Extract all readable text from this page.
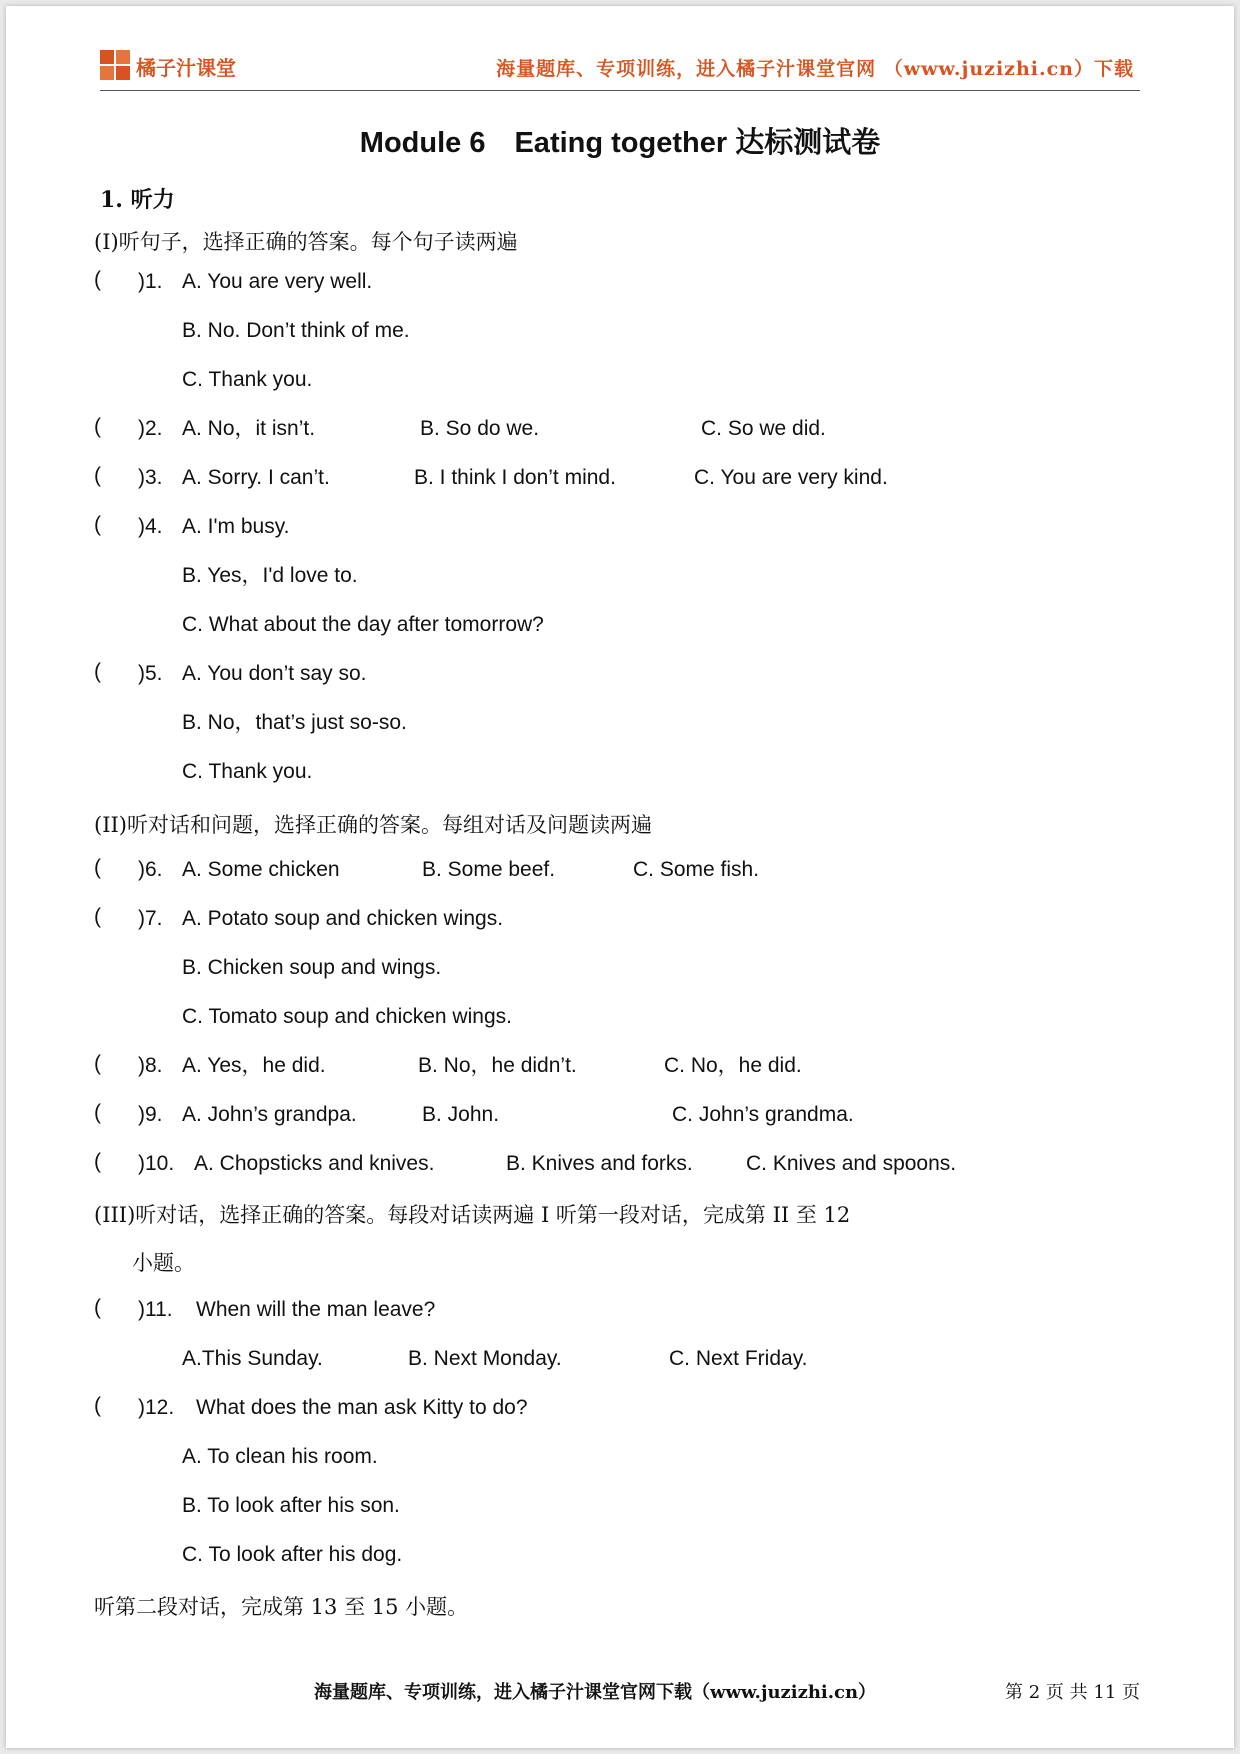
橘子汁课堂	海量题库、专项训练，进入橘子汁课堂官网 （www.juzizhi.cn）下载
Module 6　Eating together 达标测试卷
1. 听力
(I)听句子，选择正确的答案。每个句子读两遍
( )1. A. You are very well.
B. No. Don’t think of me.
C. Thank you.
( )2. A. No，it isn’t.	B. So do we.	C. So we did.
( )3. A. Sorry. I can’t.	B. I think I don’t mind.	C. You are very kind.
( )4. A. I'm busy.
B. Yes，I'd love to.
C. What about the day after tomorrow?
( )5. A. You don’t say so.
B. No，that’s just so-so.
C. Thank you.
(II)听对话和问题，选择正确的答案。每组对话及问题读两遍
( )6. A. Some chicken	B. Some beef.	C. Some fish.
( )7. A. Potato soup and chicken wings.
B. Chicken soup and wings.
C. Tomato soup and chicken wings.
( )8. A. Yes，he did.	B. No，he didn’t.	C. No，he did.
( )9. A. John’s grandpa.	B. John.	C. John’s grandma.
( )10. A. Chopsticks and knives.	B. Knives and forks.	C. Knives and spoons.
(III)听对话，选择正确的答案。每段对话读两遍 I 听第一段对话，完成第 II 至 12
小题。
( )11. When will the man leave?
A.This Sunday.	B. Next Monday.	C. Next Friday.
( )12. What does the man ask Kitty to do?
A. To clean his room.
B. To look after his son.
C. To look after his dog.
听第二段对话，完成第 13 至 15 小题。
海量题库、专项训练，进入橘子汁课堂官网下载（www.juzizhi.cn）	第 2 页 共 11 页
